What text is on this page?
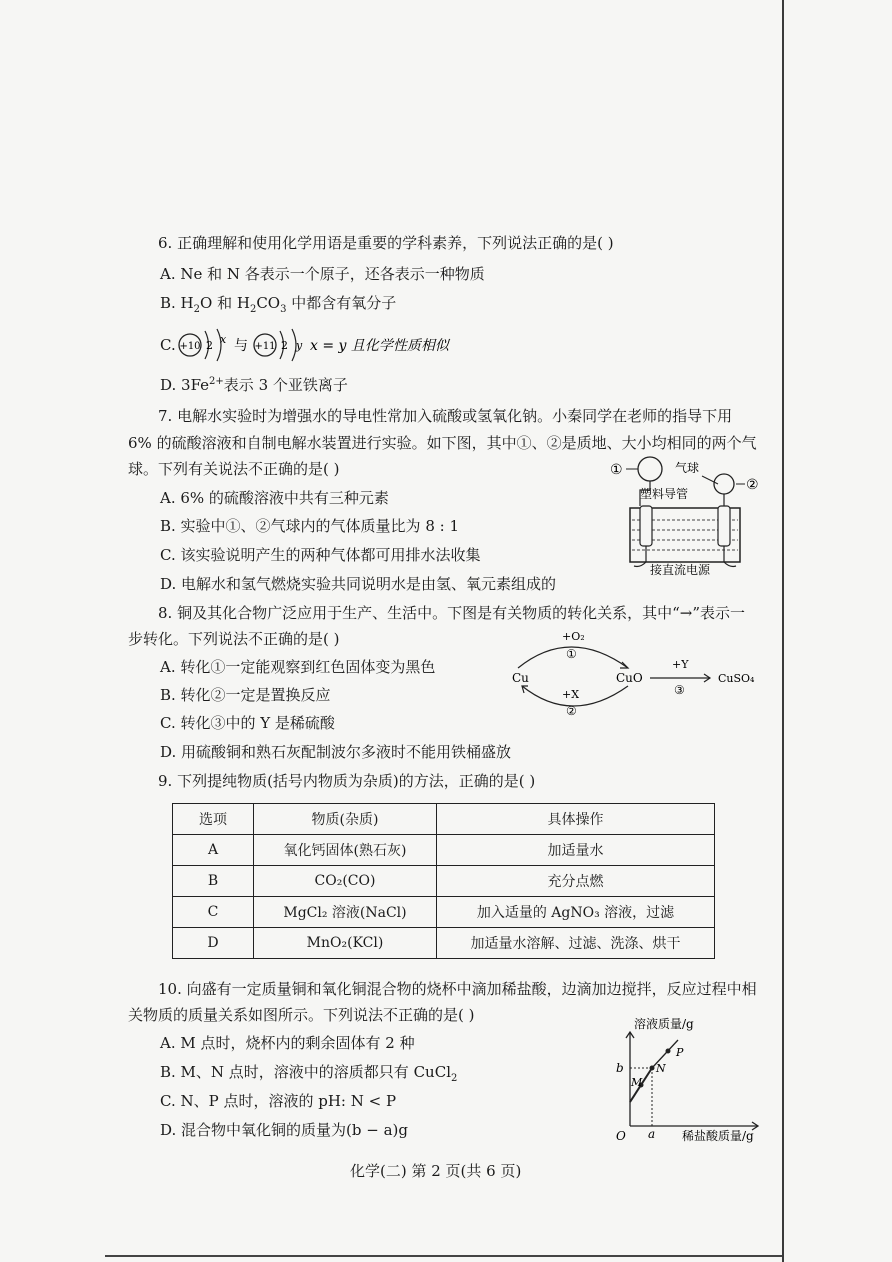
6. 正确理解和使用化学用语是重要的学科素养，下列说法正确的是( )
A. Ne 和 N 各表示一个原子，还各表示一种物质
B. $H_2O$ 和 $H_2CO_3$ 中都含有氧分子
C. +10 2 x 与 +11 2 y x = y 且化学性质相似
D. $3Fe^{2+}$表示 3 个亚铁离子
7. 电解水实验时为增强水的导电性常加入硫酸或氢氧化钠。小秦同学在老师的指导下用
6% 的硫酸溶液和自制电解水装置进行实验。如下图，其中①、②是质地、大小均相同的两个气
球。下列有关说法不正确的是( )
A. 6% 的硫酸溶液中共有三种元素
B. 实验中①、②气球内的气体质量比为 8 : 1
C. 该实验说明产生的两种气体都可用排水法收集
D. 电解水和氢气燃烧实验共同说明水是由氢、氧元素组成的
①	气球
②
塑料导管
接直流电源
8. 铜及其化合物广泛应用于生产、生活中。下图是有关物质的转化关系，其中“→”表示一
步转化。下列说法不正确的是( )
A. 转化①一定能观察到红色固体变为黑色
B. 转化②一定是置换反应
C. 转化③中的 Y 是稀硫酸
D. 用硫酸铜和熟石灰配制波尔多液时不能用铁桶盛放
+O₂
①
Cu	CuO
+X
②
+Y
③
CuSO₄
9. 下列提纯物质(括号内物质为杂质)的方法，正确的是( )
选项	物质(杂质)	具体操作
A	氧化钙固体(熟石灰)	加适量水
B	CO₂(CO)	充分点燃
C	MgCl₂ 溶液(NaCl)	加入适量的 AgNO₃ 溶液，过滤
D	MnO₂(KCl)	加适量水溶解、过滤、洗涤、烘干
10. 向盛有一定质量铜和氧化铜混合物的烧杯中滴加稀盐酸，边滴加边搅拌，反应过程中相
关物质的质量关系如图所示。下列说法不正确的是( )
A. M 点时，烧杯内的剩余固体有 2 种
B. M、N 点时，溶液中的溶质都只有 CuCl$_2$
C. N、P 点时，溶液的 pH: N < P
D. 混合物中氧化铜的质量为(b − a)g
溶液质量/g
O	稀盐酸质量/g
b
a
M
N
P
化学(二) 第 2 页(共 6 页)
